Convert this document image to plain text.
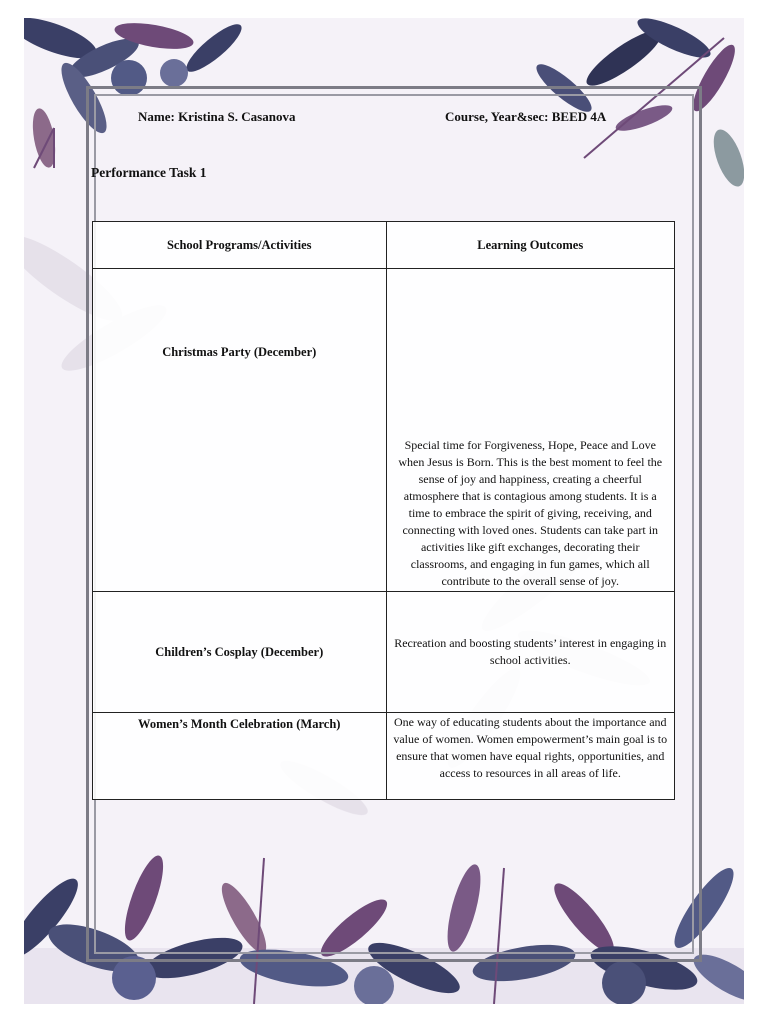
Name: Kristina S. Casanova	Course, Year&sec: BEED 4A
Performance Task 1
School Programs/Activities	Learning Outcomes
Christmas Party (December)	Special time for Forgiveness, Hope, Peace and Love when Jesus is Born. This is the best moment to feel the sense of joy and happiness, creating a cheerful atmosphere that is contagious among students. It is a time to embrace the spirit of giving, receiving, and connecting with loved ones. Students can take part in activities like gift exchanges, decorating their classrooms, and engaging in fun games, which all contribute to the overall sense of joy.
Children’s Cosplay (December)	Recreation and boosting students’ interest in engaging in school activities.
Women’s Month Celebration (March)	One way of educating students about the importance and value of women. Women empowerment’s main goal is to ensure that women have equal rights, opportunities, and access to resources in all areas of life.
